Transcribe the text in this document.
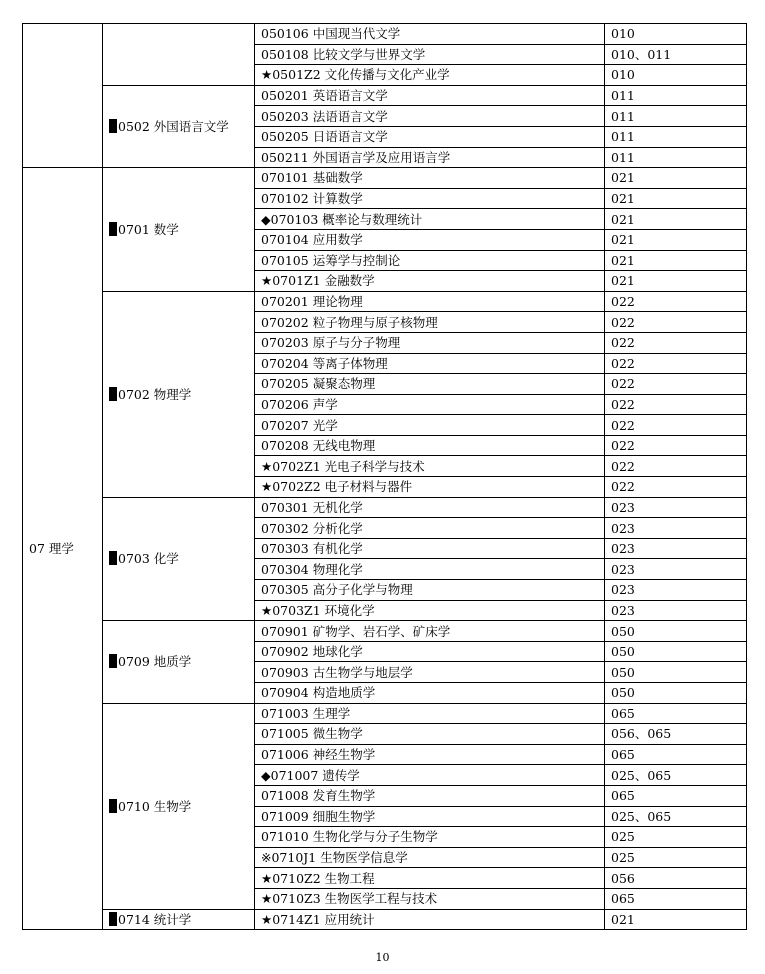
		050106 中国现当代文学	010
		050108 比较文学与世界文学	010、011
		★0501Z2 文化传播与文化产业学	010
	0502 外国语言文学	050201 英语语言文学	011
		050203 法语语言文学	011
		050205 日语语言文学	011
		050211 外国语言学及应用语言学	011
07 理学	0701 数学	070101 基础数学	021
		070102 计算数学	021
		◆070103 概率论与数理统计	021
		070104 应用数学	021
		070105 运筹学与控制论	021
		★0701Z1 金融数学	021
	0702 物理学	070201 理论物理	022
		070202 粒子物理与原子核物理	022
		070203 原子与分子物理	022
		070204 等离子体物理	022
		070205 凝聚态物理	022
		070206 声学	022
		070207 光学	022
		070208 无线电物理	022
		★0702Z1 光电子科学与技术	022
		★0702Z2 电子材料与器件	022
	0703 化学	070301 无机化学	023
		070302 分析化学	023
		070303 有机化学	023
		070304 物理化学	023
		070305 高分子化学与物理	023
		★0703Z1 环境化学	023
	0709 地质学	070901 矿物学、岩石学、矿床学	050
		070902 地球化学	050
		070903 古生物学与地层学	050
		070904 构造地质学	050
	0710 生物学	071003 生理学	065
		071005 微生物学	056、065
		071006 神经生物学	065
		◆071007 遗传学	025、065
		071008 发育生物学	065
		071009 细胞生物学	025、065
		071010 生物化学与分子生物学	025
		※0710J1 生物医学信息学	025
		★0710Z2 生物工程	056
		★0710Z3 生物医学工程与技术	065
	0714 统计学	★0714Z1 应用统计	021
10
